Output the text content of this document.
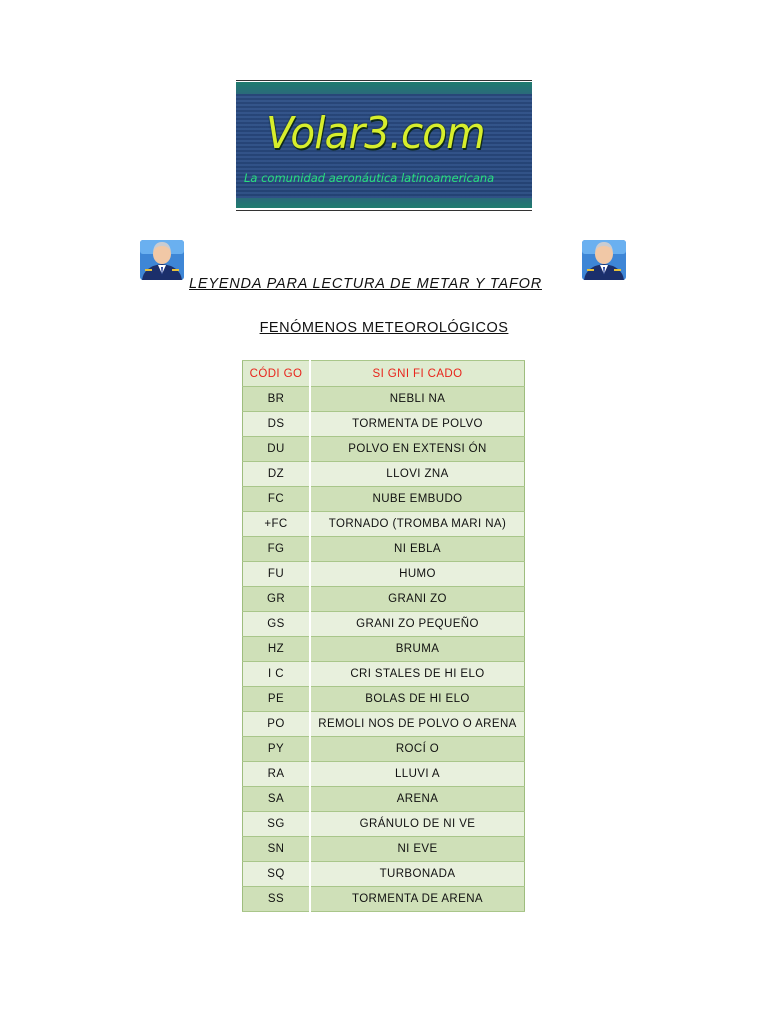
Volar3.com
La comunidad aeronáutica latinoamericana
LEYENDA PARA LECTURA DE METAR Y TAFOR
FENÓMENOS METEOROLÓGICOS
CÓDI GO	SI GNI FI CADO
BR	NEBLI NA
DS	TORMENTA DE POLVO
DU	POLVO EN EXTENSI ÓN
DZ	LLOVI ZNA
FC	NUBE EMBUDO
+FC	TORNADO (TROMBA MARI NA)
FG	NI EBLA
FU	HUMO
GR	GRANI ZO
GS	GRANI ZO PEQUEÑO
HZ	BRUMA
I C	CRI STALES DE HI ELO
PE	BOLAS DE HI ELO
PO	REMOLI NOS DE POLVO O ARENA
PY	ROCÍ O
RA	LLUVI A
SA	ARENA
SG	GRÁNULO DE NI VE
SN	NI EVE
SQ	TURBONADA
SS	TORMENTA DE ARENA
